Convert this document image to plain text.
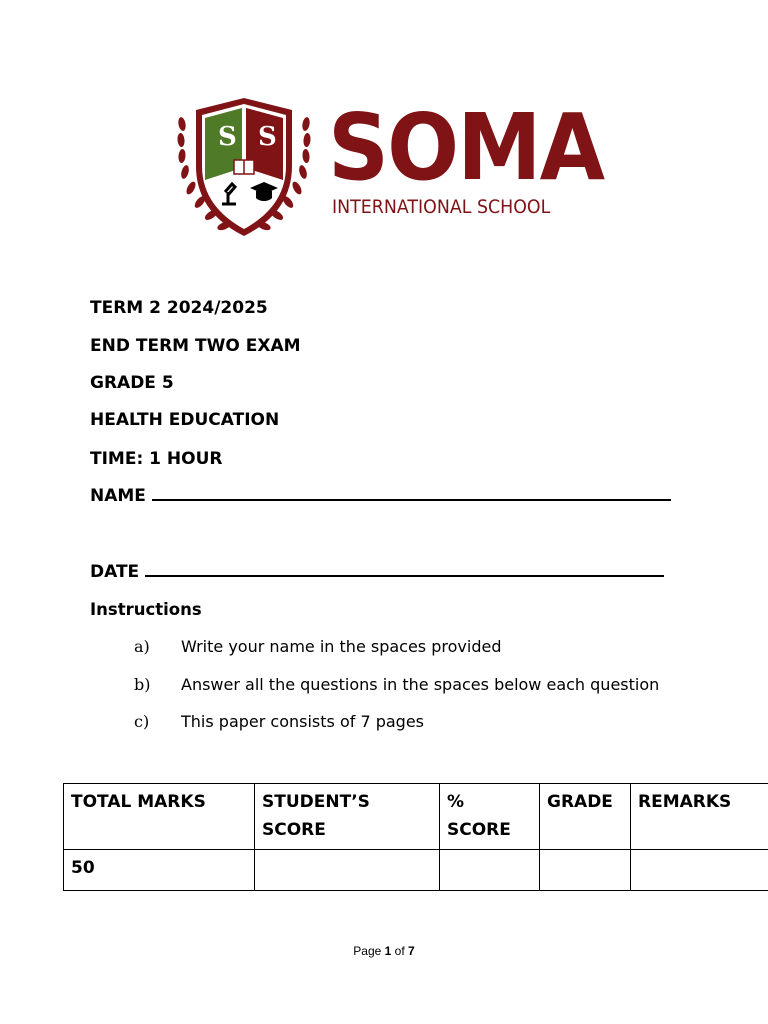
S S SOMA
INTERNATIONAL SCHOOL
TERM 2 2024/2025
END TERM TWO EXAM
GRADE 5
HEALTH EDUCATION
TIME: 1 HOUR
NAME
DATE
Instructions
a) Write your name in the spaces provided
b) Answer all the questions in the spaces below each question
c) This paper consists of 7 pages
TOTAL MARKS	STUDENT’S SCORE	% SCORE	GRADE	REMARKS
50				
Page 1 of 7
